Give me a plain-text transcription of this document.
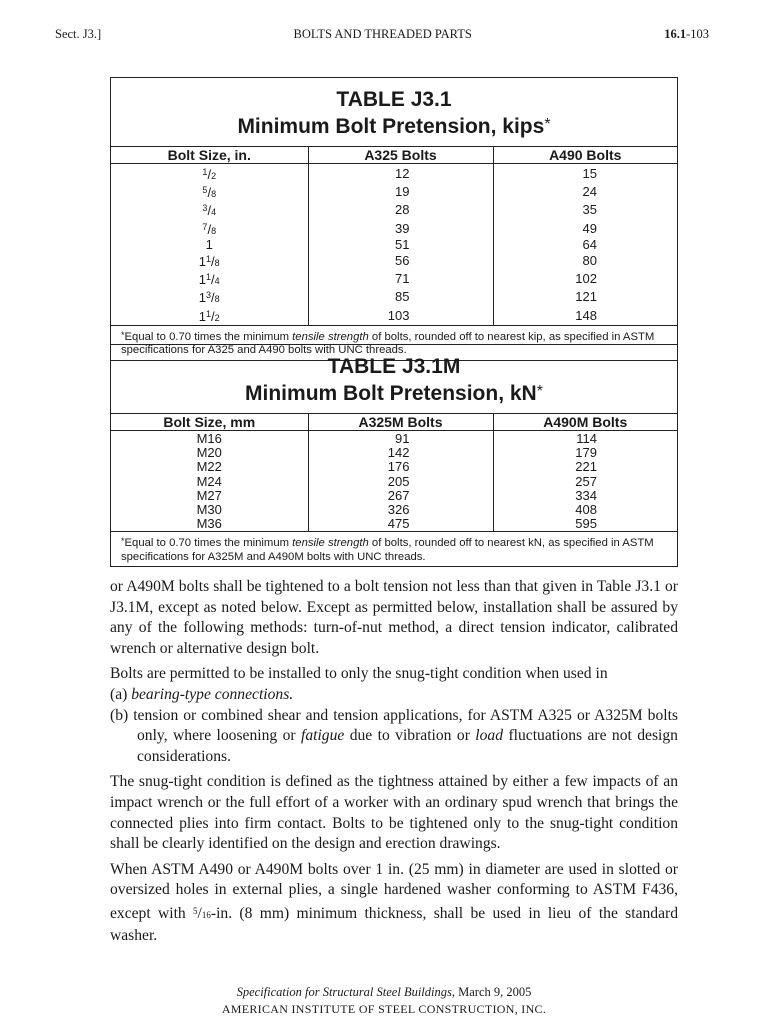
Sect. J3.]	BOLTS AND THREADED PARTS	16.1-103
TABLE J3.1
Minimum Bolt Pretension, kips*
Bolt Size, in.	A325 Bolts	A490 Bolts
$^1$/2	12	15
$^5$/8	19	24
$^3$/4	28	35
$^7$/8	39	49
1	51	64
$1^1/8$	56	80
$1^1/4$	71	102
$1^3/8$	85	121
$1^1/2$	103	148
*Equal to 0.70 times the minimum tensile strength of bolts, rounded off to nearest kip, as specified in ASTM specifications for A325 and A490 bolts with UNC threads.
TABLE J3.1M
Minimum Bolt Pretension, kN*
Bolt Size, mm	A325M Bolts	A490M Bolts
M16	91	114
M20	142	179
M22	176	221
M24	205	257
M27	267	334
M30	326	408
M36	475	595
*Equal to 0.70 times the minimum tensile strength of bolts, rounded off to nearest kN, as specified in ASTM specifications for A325M and A490M bolts with UNC threads.

or A490M bolts shall be tightened to a bolt tension not less than that given in Table J3.1 or J3.1M, except as noted below. Except as permitted below, installation shall be assured by any of the following methods: turn-of-nut method, a direct tension indicator, calibrated wrench or alternative design bolt.

Bolts are permitted to be installed to only the snug-tight condition when used in

(a) bearing-type connections.

(b) tension or combined shear and tension applications, for ASTM A325 or A325M bolts only, where loosening or fatigue due to vibration or load fluctuations are not design considerations.

The snug-tight condition is defined as the tightness attained by either a few impacts of an impact wrench or the full effort of a worker with an ordinary spud wrench that brings the connected plies into firm contact. Bolts to be tightened only to the snug-tight condition shall be clearly identified on the design and erection drawings.

When ASTM A490 or A490M bolts over 1 in. (25 mm) in diameter are used in slotted or oversized holes in external plies, a single hardened washer conforming to ASTM F436, except with $^5$/16-in. (8 mm) minimum thickness, shall be used in lieu of the standard washer.

Specification for Structural Steel Buildings, March 9, 2005
AMERICAN INSTITUTE OF STEEL CONSTRUCTION, INC.
